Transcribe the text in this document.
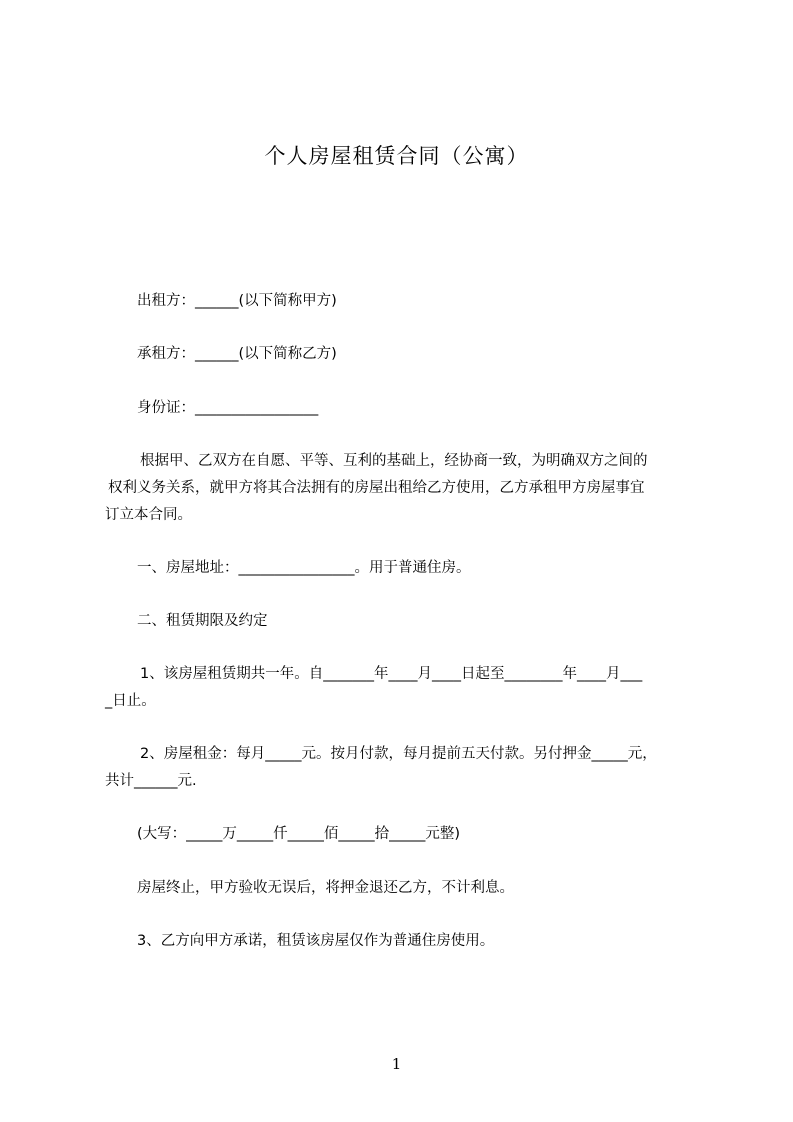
个人房屋租赁合同（公寓）
出租方：______(以下简称甲方)
承租方：______(以下简称乙方)
身份证：_________________
根据甲、乙双方在自愿、平等、互利的基础上，经协商一致，为明确双方之间的
权利义务关系，就甲方将其合法拥有的房屋出租给乙方使用，乙方承租甲方房屋事宜
订立本合同。
一、房屋地址：________________。用于普通住房。
二、租赁期限及约定
1、该房屋租赁期共一年。自_______年____月____日起至________年____月___
_日止。
2、房屋租金：每月_____元。按月付款，每月提前五天付款。另付押金_____元，
共计______元.
(大写：_____万_____仟_____佰_____拾_____元整)
房屋终止，甲方验收无误后，将押金退还乙方，不计利息。
3、乙方向甲方承诺，租赁该房屋仅作为普通住房使用。
1
